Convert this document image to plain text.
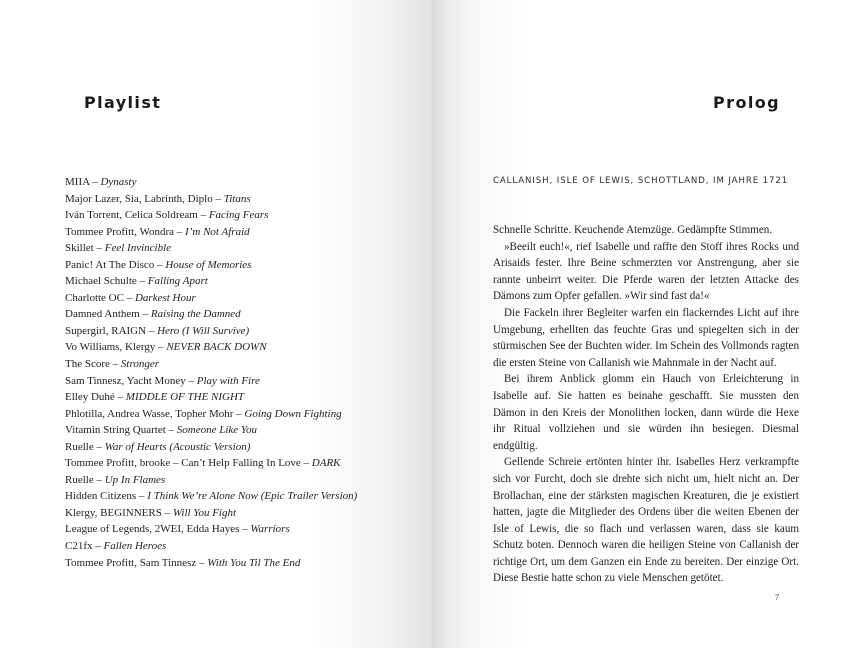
Playlist
MIIA – Dynasty
Major Lazer, Sia, Labrinth, Diplo – Titans
Iván Torrent, Celica Soldream – Facing Fears
Tommee Profitt, Wondra – I’m Not Afraid
Skillet – Feel Invincible
Panic! At The Disco – House of Memories
Michael Schulte – Falling Apart
Charlotte OC – Darkest Hour
Damned Anthem – Raising the Damned
Supergirl, RAIGN – Hero (I Will Survive)
Vo Williams, Klergy – NEVER BACK DOWN
The Score – Stronger
Sam Tinnesz, Yacht Money – Play with Fire
Elley Duhé – MIDDLE OF THE NIGHT
Phlotilla, Andrea Wasse, Topher Mohr – Going Down Fighting
Vitamin String Quartet – Someone Like You
Ruelle – War of Hearts (Acoustic Version)
Tommee Profitt, brooke – Can’t Help Falling In Love – DARK
Ruelle – Up In Flames
Hidden Citizens – I Think We’re Alone Now (Epic Trailer Version)
Klergy, BEGINNERS – Will You Fight
League of Legends, 2WEI, Edda Hayes – Warriors
C21fx – Fallen Heroes
Tommee Profitt, Sam Tinnesz – With You Til The End
Prolog

CALLANISH, ISLE OF LEWIS, SCHOTTLAND, IM JAHRE 1721

Schnelle Schritte. Keuchende Atemzüge. Gedämpfte Stimmen.

»Beeilt euch!«, rief Isabelle und raffte den Stoff ihres Rocks und Arisaids fester. Ihre Beine schmerzten vor Anstrengung, aber sie rannte unbeirrt weiter. Die Pferde waren der letzten Attacke des Dämons zum Opfer gefallen. »Wir sind fast da!«

Die Fackeln ihrer Begleiter warfen ein flackerndes Licht auf ihre Umgebung, erhellten das feuchte Gras und spiegelten sich in der stürmischen See der Buchten wider. Im Schein des Vollmonds ragten die ersten Steine von Callanish wie Mahnmale in der Nacht auf.

Bei ihrem Anblick glomm ein Hauch von Erleichterung in Isabelle auf. Sie hatten es beinahe geschafft. Sie mussten den Dämon in den Kreis der Monolithen locken, dann würde die Hexe ihr Ritual vollziehen und sie würden ihn besiegen. Diesmal endgültig.

Gellende Schreie ertönten hinter ihr. Isabelles Herz verkrampfte sich vor Furcht, doch sie drehte sich nicht um, hielt nicht an. Der Brollachan, eine der stärksten magischen Kreaturen, die je existiert hatten, jagte die Mitglieder des Ordens über die weiten Ebenen der Isle of Lewis, die so flach und verlassen waren, dass sie kaum Schutz boten. Dennoch waren die heiligen Steine von Callanish der richtige Ort, um dem Ganzen ein Ende zu bereiten. Der einzige Ort. Diese Bestie hatte schon zu viele Menschen getötet.

7
